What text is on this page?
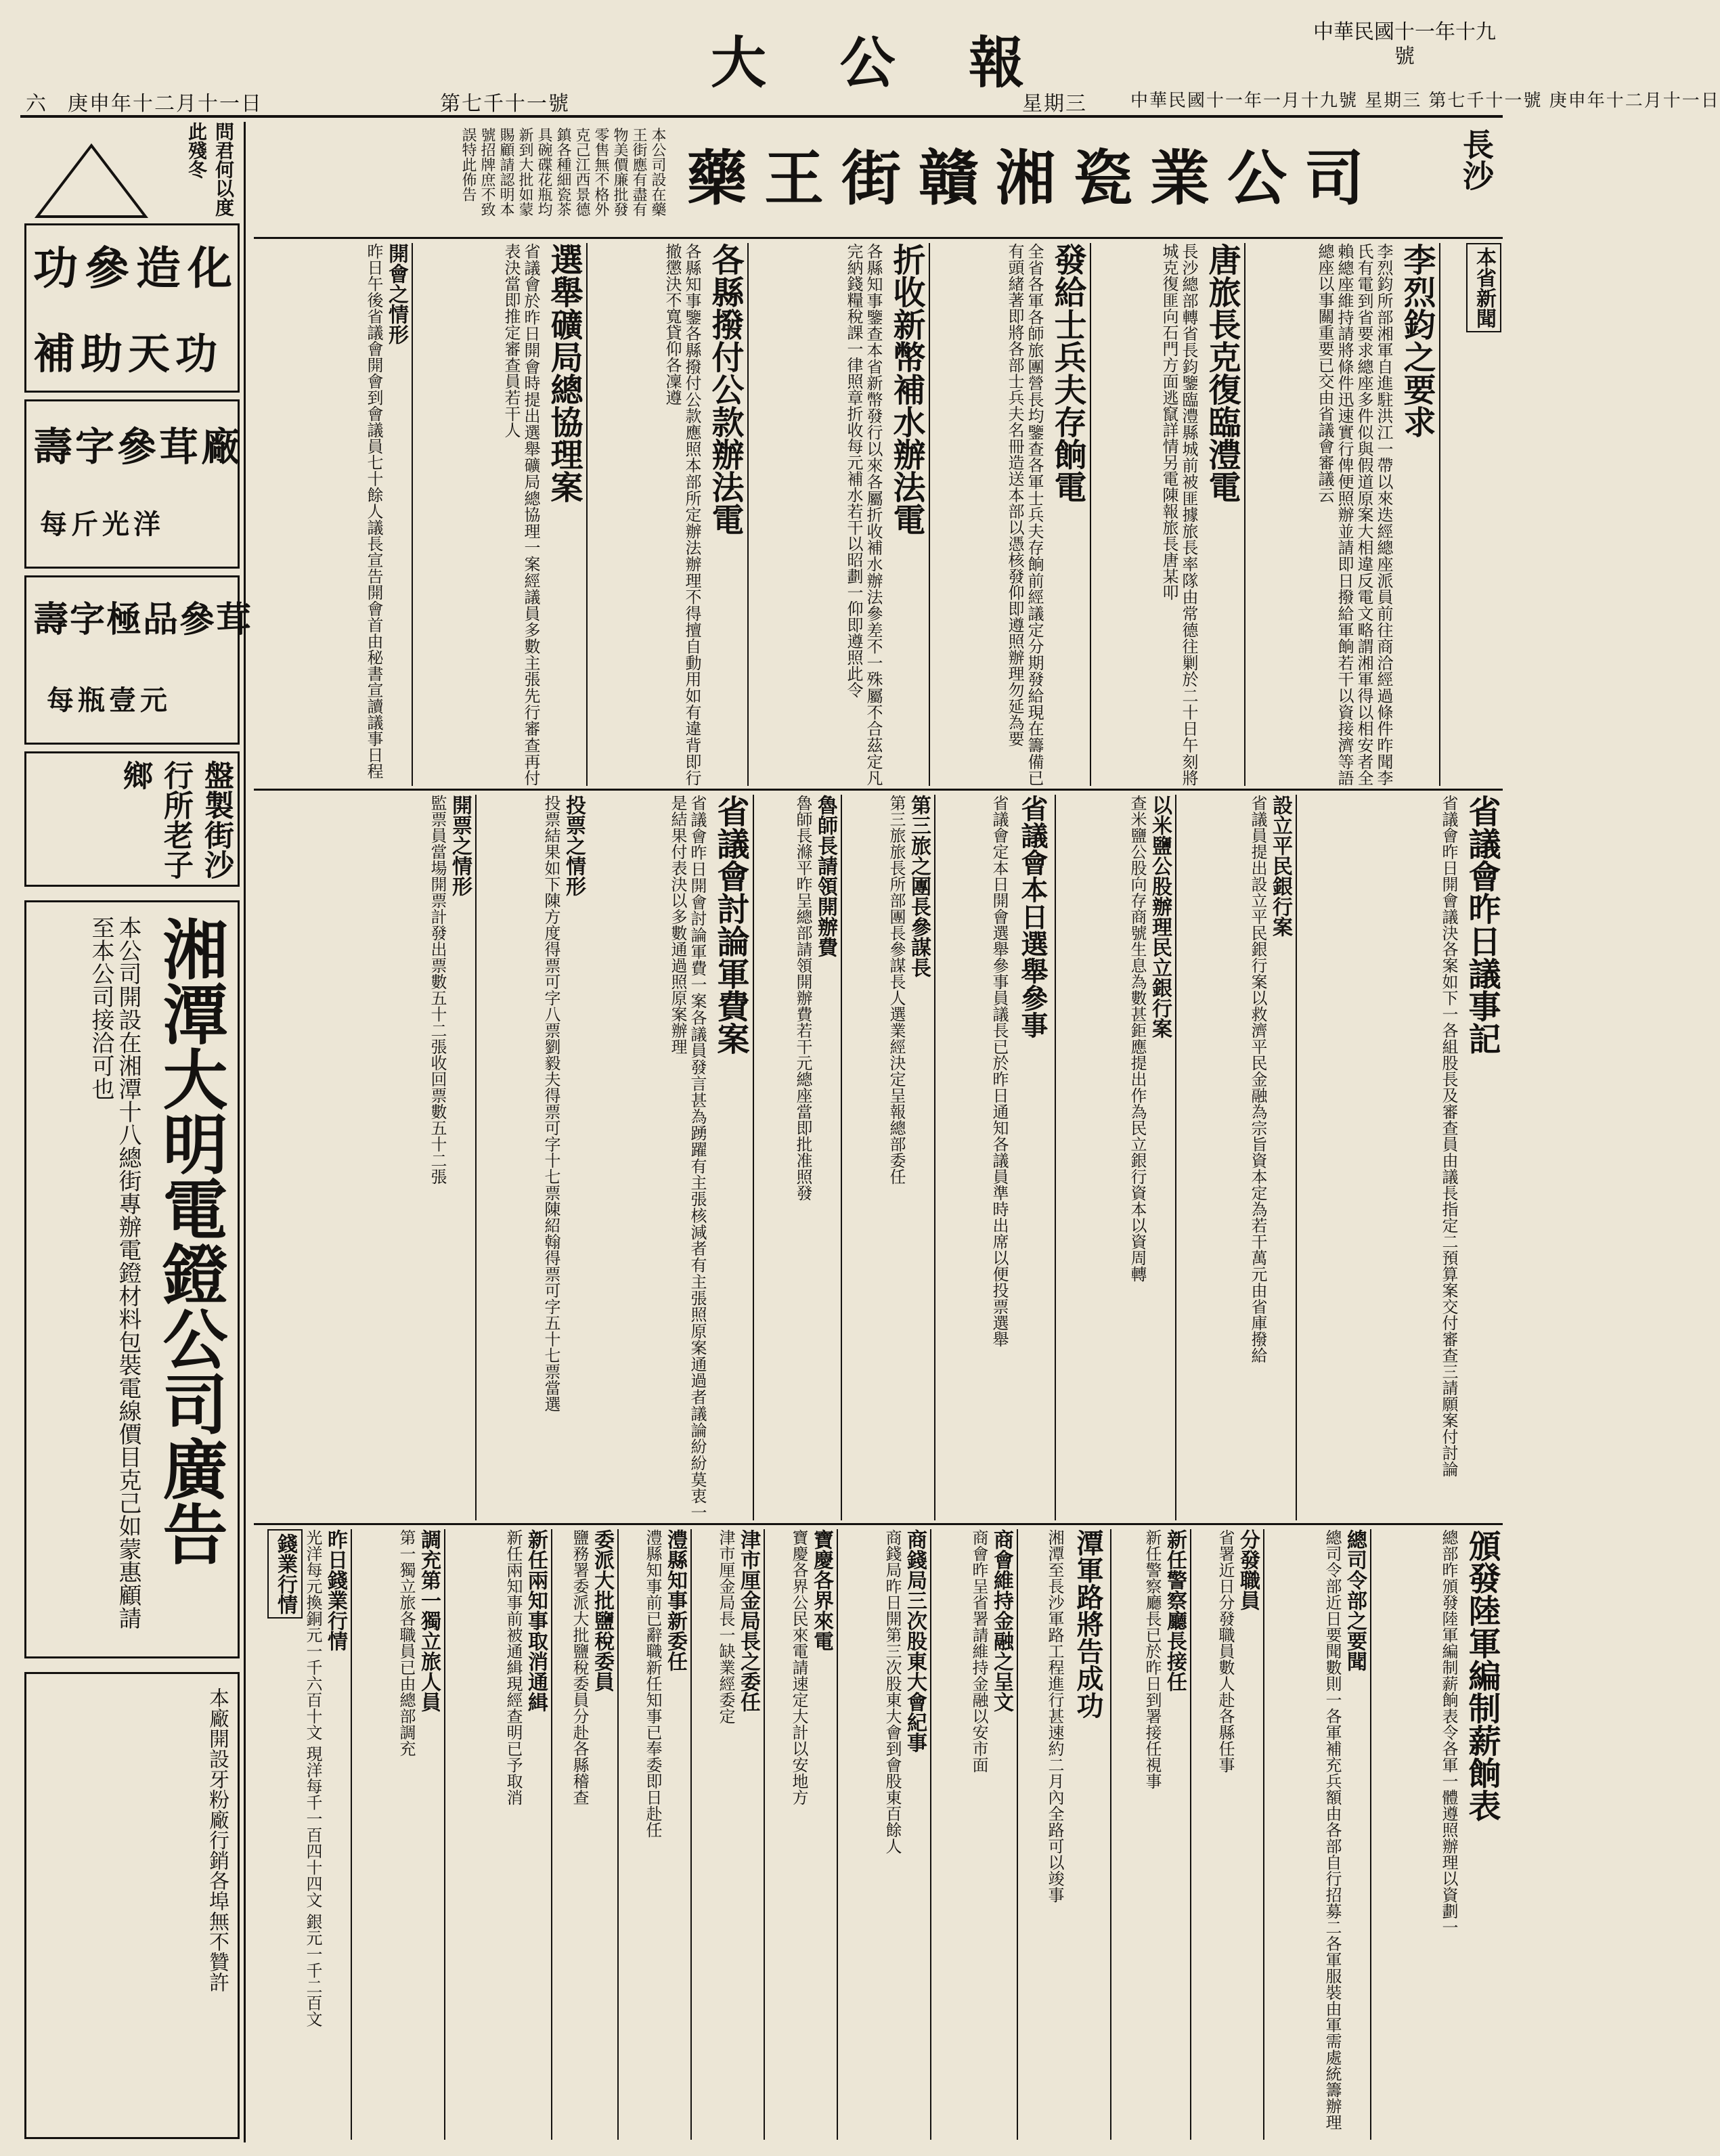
大 公 報
六 庚申年十二月十一日	第七千十一號	星期三
中華民國十一年十九號
中華民國十一年一月十九號 星期三 第七千十一號 庚申年十二月十一日
問君何以度此殘冬
功參造化
補助天功
壽字參茸廠
每斤光洋
壽字極品參茸
每瓶壹元
盤製街沙行所老子鄉
湘潭大明電鐙公司廣告
本公司開設在湘潭十八總街專辦電鐙材料包裝電線價目克己如蒙惠顧請至本公司接洽可也
本廠開設牙粉廠行銷各埠無不贊許
本公司設在藥王街應有盡有物美價廉批發零售無不格外克己江西景德鎮各種細瓷茶具碗碟花瓶均新到大批如蒙賜顧請認明本號招牌庶不致誤特此佈告	藥王街贛湘瓷業公司	長沙
本省新聞
李烈鈞之要求
李烈鈞所部湘軍自進駐洪江一帶以來迭經總座派員前往商洽經過條件昨聞李氏有電到省要求總座多件似與假道原案大相違反電文略謂湘軍得以相安者全賴總座維持請將條件迅速實行俾便照辦並請即日撥給軍餉若干以資接濟等語總座以事關重要已交由省議會審議云
唐旅長克復臨澧電
長沙總部轉省長鈞鑒臨澧縣城前被匪據旅長率隊由常德往剿於二十日午刻將城克復匪向石門方面逃竄詳情另電陳報旅長唐某叩
發給士兵夫存餉電
全省各軍各師旅團營長均鑒查各軍士兵夫存餉前經議定分期發給現在籌備已有頭緒著即將各部士兵夫名冊造送本部以憑核發仰即遵照辦理勿延為要
折收新幣補水辦法電
各縣知事鑒查本省新幣發行以來各屬折收補水辦法參差不一殊屬不合茲定凡完納錢糧稅課一律照章折收每元補水若干以昭劃一仰即遵照此令
各縣撥付公款辦法電
各縣知事鑒各縣撥付公款應照本部所定辦法辦理不得擅自動用如有違背即行撤懲決不寬貸仰各凜遵
選舉礦局總協理案
省議會於昨日開會時提出選舉礦局總協理一案經議員多數主張先行審查再付表決當即推定審查員若干人
開會之情形
昨日午後省議會開會到會議員七十餘人議長宣告開會首由秘書宣讀議事日程
省議會討論軍費案
省議會昨日開會討論軍費一案各議員發言甚為踴躍有主張核減者有主張照原案通過者議論紛紛莫衷一是結果付表決以多數通過照原案辦理
投票之情形
投票結果如下陳方度得票可字八票劉毅夫得票可字十七票陳紹翰得票可字五十七票當選
開票之情形
監票員當場開票計發出票數五十二張收回票數五十二張	省議會昨日議事記
省議會昨日開會議決各案如下一各組股長及審查員由議長指定二預算案交付審查三請願案付討論
設立平民銀行案
省議員提出設立平民銀行案以救濟平民金融為宗旨資本定為若干萬元由省庫撥給
以米鹽公股辦理民立銀行案
查米鹽公股向存商號生息為數甚鉅應提出作為民立銀行資本以資周轉
省議會本日選舉參事
省議會定本日開會選舉參事員議長已於昨日通知各議員準時出席以便投票選舉
第三旅之團長參謀長
第三旅旅長所部團長參謀長人選業經決定呈報總部委任
魯師長請領開辦費
魯師長滌平昨呈總部請領開辦費若干元總座當即批准照發
頒發陸軍編制薪餉表
總部昨頒發陸軍編制薪餉表令各軍一體遵照辦理以資劃一
總司令部之要聞
總司令部近日要聞數則一各軍補充兵額由各部自行招募二各軍服裝由軍需處統籌辦理
分發職員
省署近日分發職員數人赴各縣任事
新任警察廳長接任
新任警察廳長已於昨日到署接任視事
潭軍路將告成功
湘潭至長沙軍路工程進行甚速約二月內全路可以竣事
商會維持金融之呈文
商會昨呈省署請維持金融以安市面
商錢局三次股東大會紀事
商錢局昨日開第三次股東大會到會股東百餘人
寶慶各界來電
寶慶各界公民來電請速定大計以安地方
津市厘金局長之委任
津市厘金局長一缺業經委定
澧縣知事新委任
澧縣知事前已辭職新任知事已奉委即日赴任
委派大批鹽稅委員
鹽務署委派大批鹽稅委員分赴各縣稽查
新任兩知事取消通緝
新任兩知事前被通緝現經查明已予取消
調充第一獨立旅人員
第一獨立旅各職員已由總部調充
昨日錢業行情
光洋每元換銅元一千六百十文 現洋每千一百四十四文 銀元一千二百文
錢業行情
